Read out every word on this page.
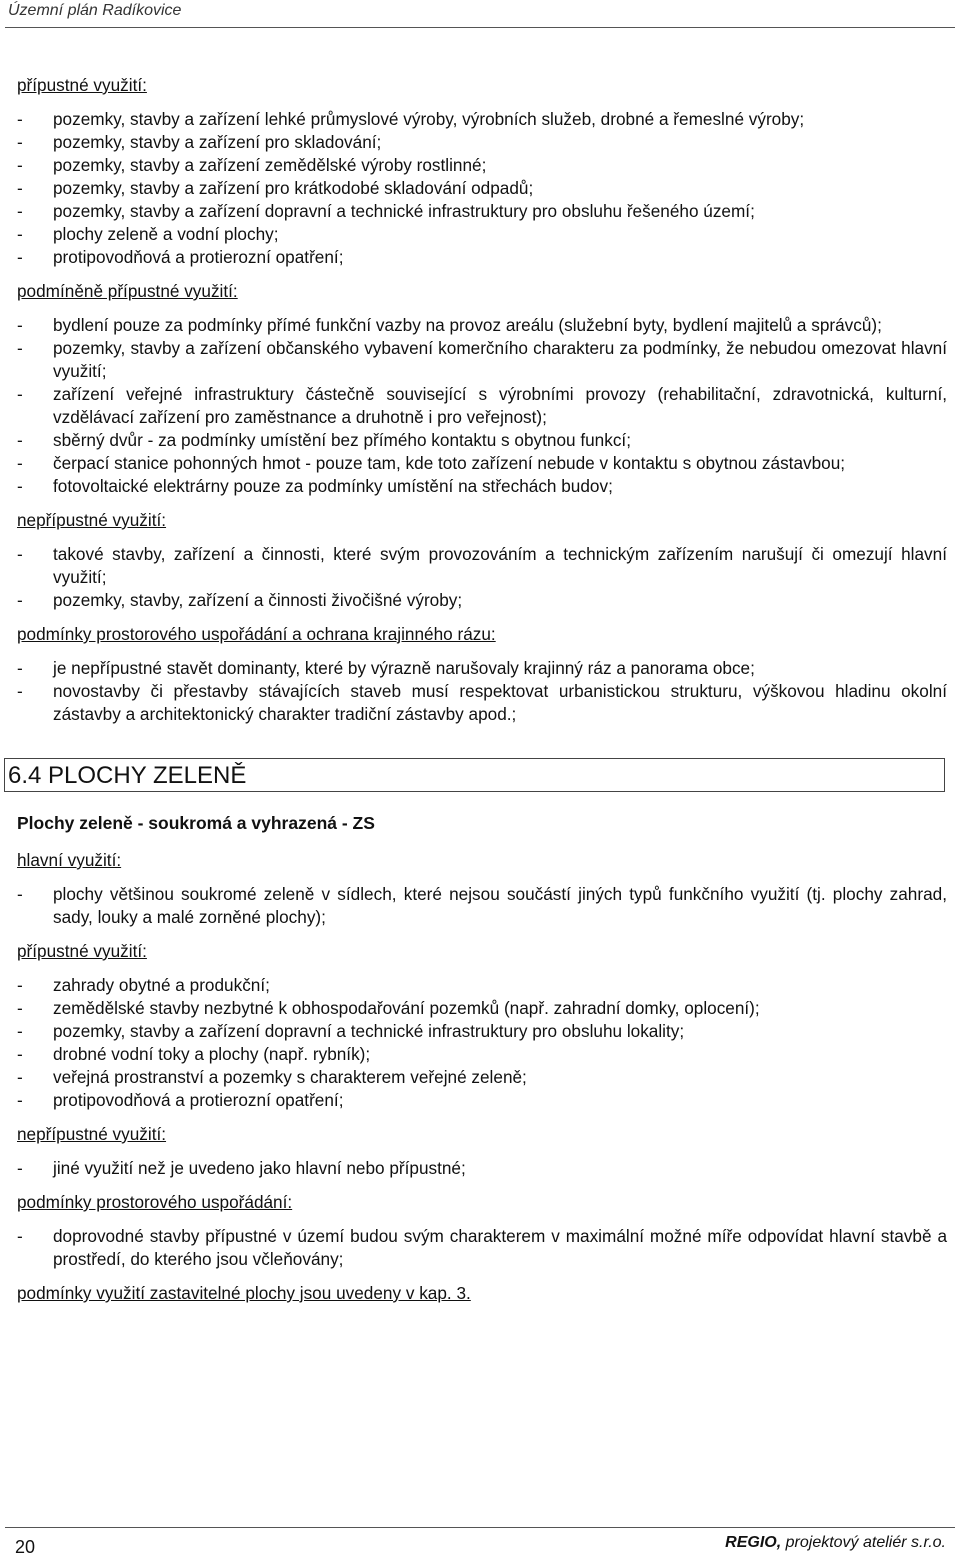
Územní plán Radíkovice
přípustné využití:
- pozemky, stavby a zařízení lehké průmyslové výroby, výrobních služeb, drobné a řemeslné výroby;
- pozemky, stavby a zařízení pro skladování;
- pozemky, stavby a zařízení zemědělské výroby rostlinné;
- pozemky, stavby a zařízení pro krátkodobé skladování odpadů;
- pozemky, stavby a zařízení dopravní a technické infrastruktury pro obsluhu řešeného území;
- plochy zeleně a vodní plochy;
- protipovodňová a protierozní opatření;
podmíněně přípustné využití:
- bydlení pouze za podmínky přímé funkční vazby na provoz areálu (služební byty, bydlení majitelů a správců);
- pozemky, stavby a zařízení občanského vybavení komerčního charakteru za podmínky, že nebudou omezovat hlavní využití;
- zařízení veřejné infrastruktury částečně související s výrobními provozy (rehabilitační, zdravotnická, kulturní, vzdělávací zařízení pro zaměstnance a druhotně i pro veřejnost);
- sběrný dvůr - za podmínky umístění bez přímého kontaktu s obytnou funkcí;
- čerpací stanice pohonných hmot - pouze tam, kde toto zařízení nebude v kontaktu s obytnou zástavbou;
- fotovoltaické elektrárny pouze za podmínky umístění na střechách budov;
nepřípustné využití:
- takové stavby, zařízení a činnosti, které svým provozováním a technickým zařízením narušují či omezují hlavní využití;
- pozemky, stavby, zařízení a činnosti živočišné výroby;
podmínky prostorového uspořádání a ochrana krajinného rázu:
- je nepřípustné stavět dominanty, které by výrazně narušovaly krajinný ráz a panorama obce;
- novostavby či přestavby stávajících staveb musí respektovat urbanistickou strukturu, výškovou hladinu okolní zástavby a architektonický charakter tradiční zástavby apod.;
6.4 PLOCHY ZELENĚ
Plochy zeleně - soukromá a vyhrazená - ZS
hlavní využití:
- plochy většinou soukromé zeleně v sídlech, které nejsou součástí jiných typů funkčního využití (tj. plochy zahrad, sady, louky a malé zorněné plochy);
přípustné využití:
- zahrady obytné a produkční;
- zemědělské stavby nezbytné k obhospodařování pozemků (např. zahradní domky, oplocení);
- pozemky, stavby a zařízení dopravní a technické infrastruktury pro obsluhu lokality;
- drobné vodní toky a plochy (např. rybník);
- veřejná prostranství a pozemky s charakterem veřejné zeleně;
- protipovodňová a protierozní opatření;
nepřípustné využití:
- jiné využití než je uvedeno jako hlavní nebo přípustné;
podmínky prostorového uspořádání:
- doprovodné stavby přípustné v území budou svým charakterem v maximální možné míře odpovídat hlavní stavbě a prostředí, do kterého jsou včleňovány;
podmínky využití zastavitelné plochy jsou uvedeny v kap. 3.
20	REGIO, projektový ateliér s.r.o.
